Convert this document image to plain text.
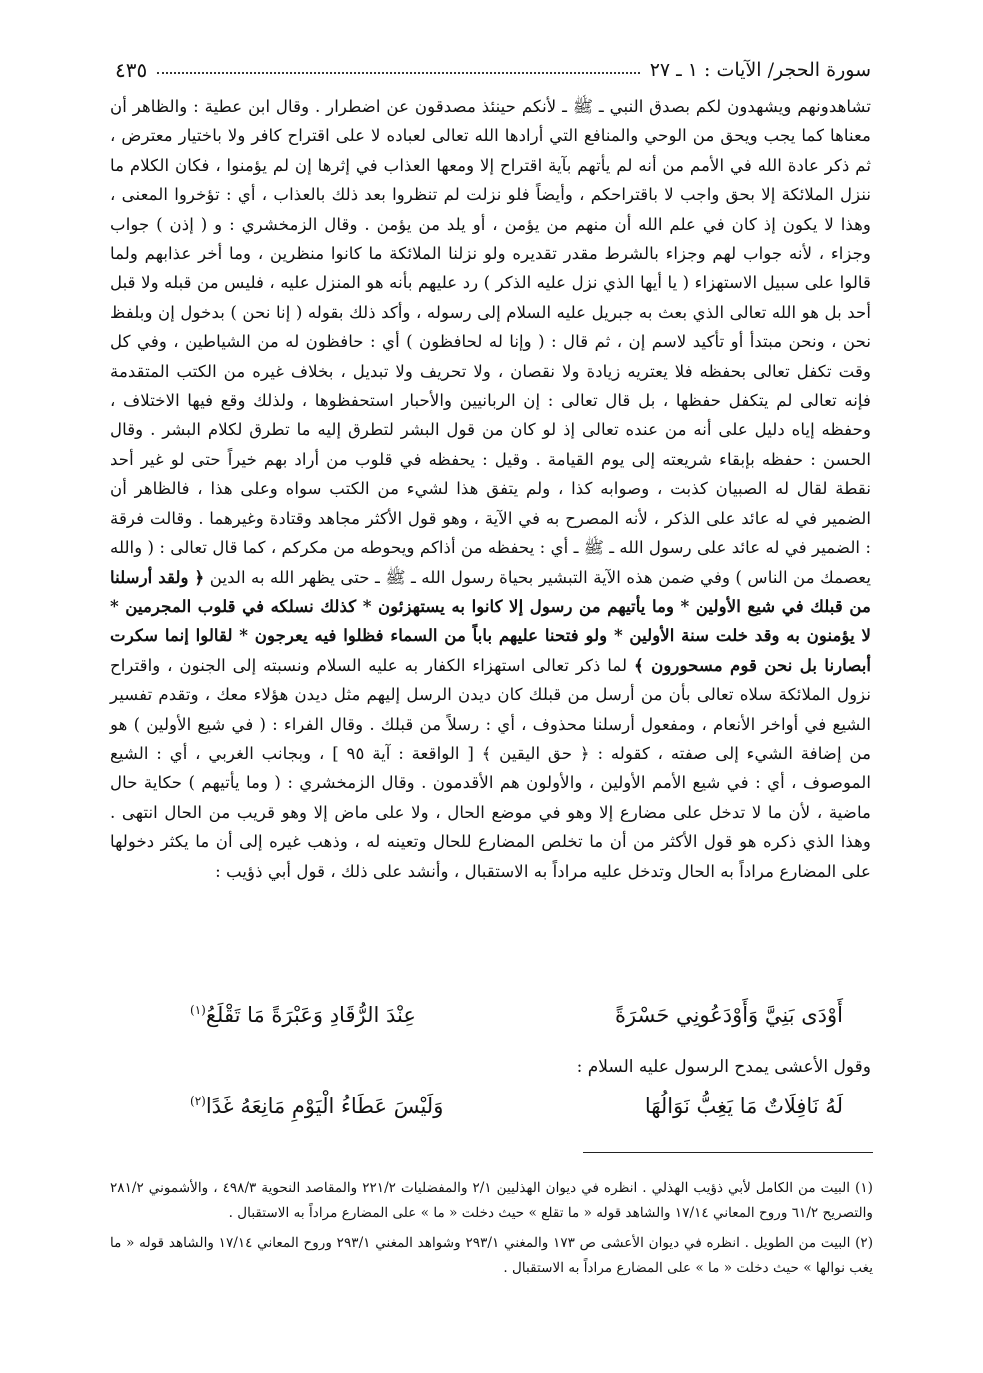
سورة الحجر/ الآيات : ١ ـ ٢٧
٤٣٥

تشاهدونهم ويشهدون لكم بصدق النبي ـ ﷺ ـ لأنكم حينئذ مصدقون عن اضطرار . وقال ابن عطية : والظاهر أن معناها كما يجب ويحق من الوحي والمنافع التي أرادها الله تعالى لعباده لا على اقتراح كافر ولا باختيار معترض ، ثم ذكر عادة الله في الأمم من أنه لم يأتهم بآية اقتراح إلا ومعها العذاب في إثرها إن لم يؤمنوا ، فكان الكلام ما ننزل الملائكة إلا بحق واجب لا باقتراحكم ، وأيضاً فلو نزلت لم تنظروا بعد ذلك بالعذاب ، أي : تؤخروا المعنى ، وهذا لا يكون إذ كان في علم الله أن منهم من يؤمن ، أو يلد من يؤمن . وقال الزمخشري : و ( إذن ) جواب وجزاء ، لأنه جواب لهم وجزاء بالشرط مقدر تقديره ولو نزلنا الملائكة ما كانوا منظرين ، وما أخر عذابهم ولما قالوا على سبيل الاستهزاء ( يا أيها الذي نزل عليه الذكر ) رد عليهم بأنه هو المنزل عليه ، فليس من قبله ولا قبل أحد بل هو الله تعالى الذي بعث به جبريل عليه السلام إلى رسوله ، وأكد ذلك بقوله ( إنا نحن ) بدخول إن وبلفظ نحن ، ونحن مبتدأ أو تأكيد لاسم إن ، ثم قال : ( وإنا له لحافظون ) أي : حافظون له من الشياطين ، وفي كل وقت تكفل تعالى بحفظه فلا يعتريه زيادة ولا نقصان ، ولا تحريف ولا تبديل ، بخلاف غيره من الكتب المتقدمة فإنه تعالى لم يتكفل حفظها ، بل قال تعالى : إن الربانيين والأحبار استحفظوها ، ولذلك وقع فيها الاختلاف ، وحفظه إياه دليل على أنه من عنده تعالى إذ لو كان من قول البشر لتطرق إليه ما تطرق لكلام البشر . وقال الحسن : حفظه بإبقاء شريعته إلى يوم القيامة . وقيل : يحفظه في قلوب من أراد بهم خيراً حتى لو غير أحد نقطة لقال له الصبيان كذبت ، وصوابه كذا ، ولم يتفق هذا لشيء من الكتب سواه وعلى هذا ، فالظاهر أن الضمير في له عائد على الذكر ، لأنه المصرح به في الآية ، وهو قول الأكثر مجاهد وقتادة وغيرهما . وقالت فرقة : الضمير في له عائد على رسول الله ـ ﷺ ـ أي : يحفظه من أذاكم ويحوطه من مكركم ، كما قال تعالى : ( والله يعصمك من الناس ) وفي ضمن هذه الآية التبشير بحياة رسول الله ـ ﷺ ـ حتى يظهر الله به الدين ﴿ ولقد أرسلنا من قبلك في شيع الأولين * وما يأتيهم من رسول إلا كانوا به يستهزئون * كذلك نسلكه في قلوب المجرمين * لا يؤمنون به وقد خلت سنة الأولين * ولو فتحنا عليهم باباً من السماء فظلوا فيه يعرجون * لقالوا إنما سكرت أبصارنا بل نحن قوم مسحورون ﴾ لما ذكر تعالى استهزاء الكفار به عليه السلام ونسبته إلى الجنون ، واقتراح نزول الملائكة سلاه تعالى بأن من أرسل من قبلك كان ديدن الرسل إليهم مثل ديدن هؤلاء معك ، وتقدم تفسير الشيع في أواخر الأنعام ، ومفعول أرسلنا محذوف ، أي : رسلاً من قبلك . وقال الفراء : ( في شيع الأولين ) هو من إضافة الشيء إلى صفته ، كقوله : ﴿ حق اليقين ﴾ [ الواقعة : آية ٩٥ ] ، وبجانب الغربي ، أي : الشيع الموصوف ، أي : في شيع الأمم الأولين ، والأولون هم الأقدمون . وقال الزمخشري : ( وما يأتيهم ) حكاية حال ماضية ، لأن ما لا تدخل على مضارع إلا وهو في موضع الحال ، ولا على ماض إلا وهو قريب من الحال انتهى . وهذا الذي ذكره هو قول الأكثر من أن ما تخلص المضارع للحال وتعينه له ، وذهب غيره إلى أن ما يكثر دخولها على المضارع مراداً به الحال وتدخل عليه مراداً به الاستقبال ، وأنشد على ذلك ، قول أبي ذؤيب :

أَوْدَى بَنِيَّ وَأَوْدَعُونِي حَسْرَةً
عِنْدَ الرُّقَادِ وَعَبْرَةً مَا تَقْلَعُ$^{(١)}$
وقول الأعشى يمدح الرسول عليه السلام :
لَهُ نَافِلَاتٌ مَا يَغِبُّ نَوَالُهَا
وَلَيْسَ عَطَاءُ الْيَوْمِ مَانِعَهُ غَدًا$^{(٢)}$

(١) البيت من الكامل لأبي ذؤيب الهذلي . انظره في ديوان الهذليين ٢/١ والمفضليات ٢٢١/٢ والمقاصد النحوية ٤٩٨/٣ ، والأشموني ٢٨١/٢ والتصريح ٦١/٢ وروح المعاني ١٧/١٤ والشاهد قوله « ما تقلع » حيث دخلت « ما » على المضارع مراداً به الاستقبال .

(٢) البيت من الطويل . انظره في ديوان الأعشى ص ١٧٣ والمغني ٢٩٣/١ وشواهد المغني ٢٩٣/١ وروح المعاني ١٧/١٤ والشاهد قوله « ما يغب نوالها » حيث دخلت « ما » على المضارع مراداً به الاستقبال .
